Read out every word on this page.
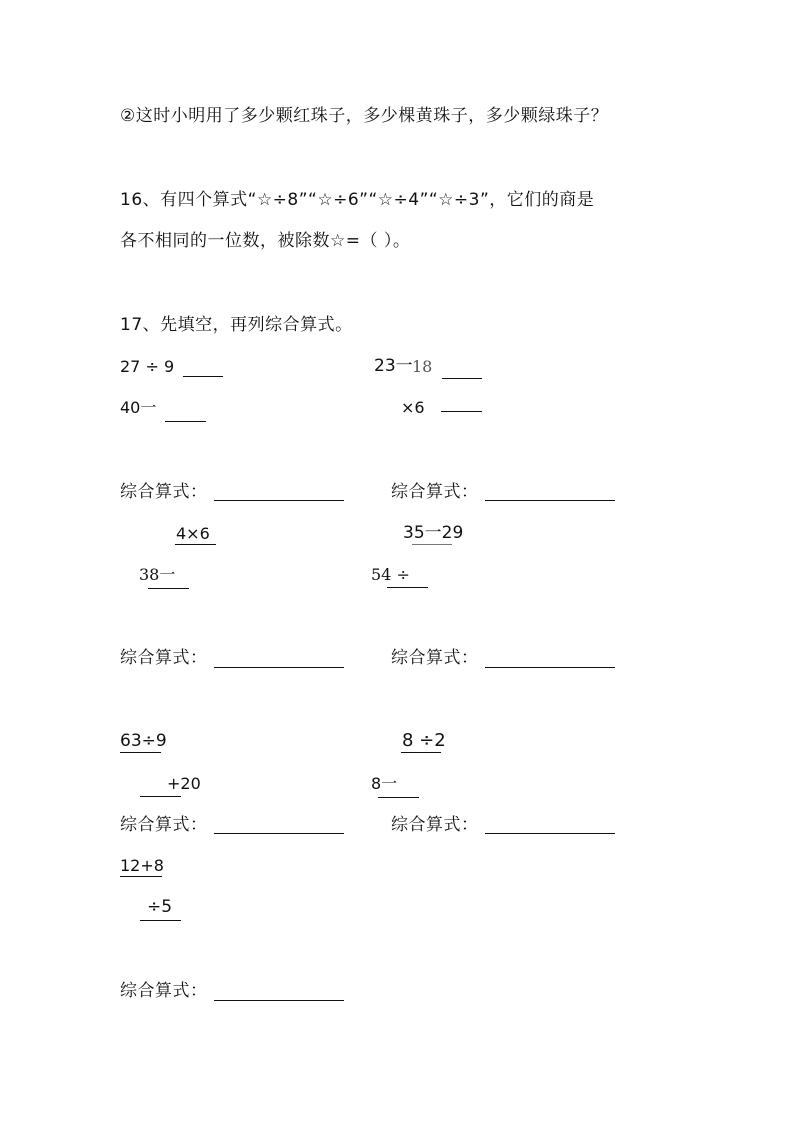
②这时小明用了多少颗红珠子，多少棵黄珠子，多少颗绿珠子？
16、有四个算式“☆÷8”“☆÷6”“☆÷4”“☆÷3”，它们的商是
各不相同的一位数，被除数☆=（ ）。
17、先填空，再列综合算式。
27 ÷ 9
40一
23一 18
×6
综合算式：	综合算式：
4×6
38一
35一29
54 ÷
综合算式：	综合算式：
63÷9
+20
8 ÷2
8一
综合算式：	综合算式：
12+8
÷5
综合算式：
